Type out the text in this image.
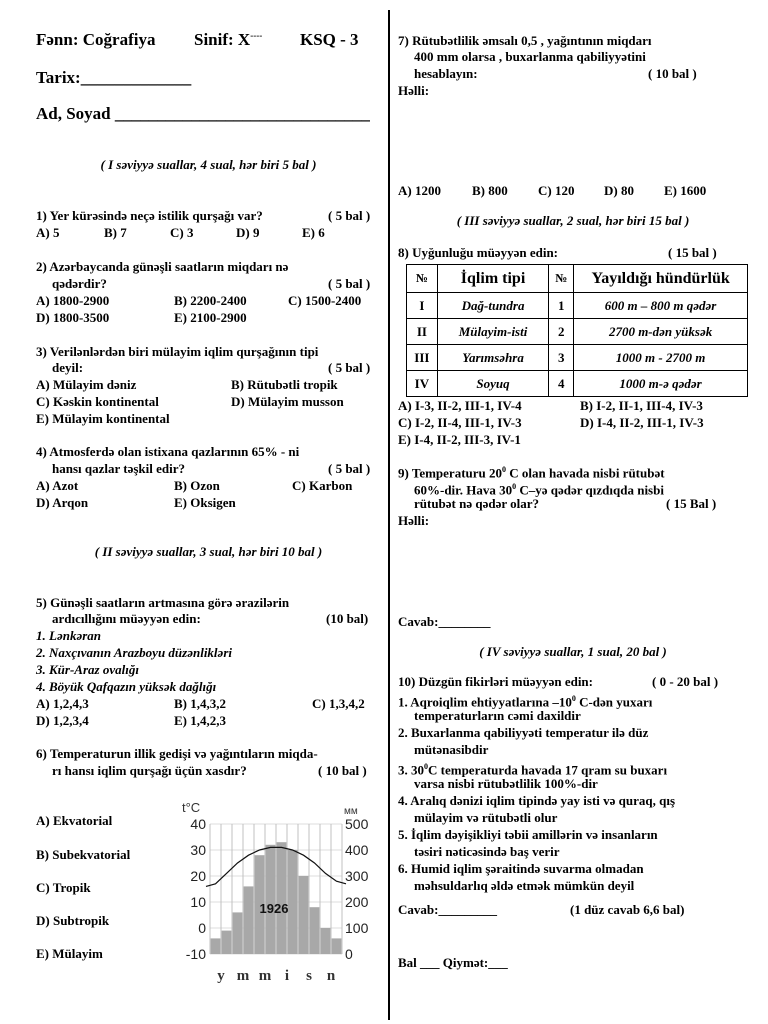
Fənn: Coğrafiya Sinif: X---- KSQ - 3
Tarix:_____________
Ad, Soyad ______________________________
( I səviyyə suallar, 4 sual, hər biri 5 bal )
1) Yer kürəsində neçə istilik qurşağı var?	( 5 bal )
A) 5	B) 7	C) 3	D) 9	E) 6
2) Azərbaycanda günəşli saatların miqdarı nə
qədərdir?	( 5 bal )
A) 1800-2900	B) 2200-2400	C) 1500-2400
D) 1800-3500	E) 2100-2900
3) Verilənlərdən biri mülayim iqlim qurşağının tipi
deyil:	( 5 bal )
A) Mülayim dəniz	B) Rütubətli tropik
C) Kəskin kontinental	D) Mülayim musson
E) Mülayim kontinental
4) Atmosferdə olan istixana qazlarının 65% - ni
hansı qazlar təşkil edir?	( 5 bal )
A) Azot	B) Ozon	C) Karbon
D) Arqon	E) Oksigen
( II səviyyə suallar, 3 sual, hər biri 10 bal )
5) Günəşli saatların artmasına görə ərazilərin
ardıcıllığını müəyyən edin:	(10 bal)
1. Lənkəran
2. Naxçıvanın Arazboyu düzənlikləri
3. Kür-Araz ovalığı
4. Böyük Qafqazın yüksək dağlığı
A) 1,2,4,3	B) 1,4,3,2	C) 1,3,4,2
D) 1,2,3,4	E) 1,4,2,3
6) Temperaturun illik gedişi və yağıntıların miqda-
rı hansı iqlim qurşağı üçün xasdır?	( 10 bal )
A) Ekvatorial
B) Subekvatorial
C) Tropik
D) Subtropik
E) Mülayim
t°C	мм
40
30
20
10
0
-10
500
400
300
200
100
0
1926
y m m i s n
7) Rütubətlilik əmsalı 0,5 , yağıntının miqdarı
400 mm olarsa , buxarlanma qabiliyyətini
hesablayın:	( 10 bal )
Həlli:
A) 1200 B) 800 C) 120 D) 80 E) 1600
( III səviyyə suallar, 2 sual, hər biri 15 bal )
8) Uyğunluğu müəyyən edin:	( 15 bal )
№	İqlim tipi	№	Yayıldığı hündürlük
I	Dağ-tundra	1	600 m – 800 m qədər
II	Mülayim-isti	2	2700 m-dən yüksək
III	Yarımsəhra	3	1000 m - 2700 m
IV	Soyuq	4	1000 m-ə qədər
A) I-3, II-2, III-1, IV-4	B) I-2, II-1, III-4, IV-3
C) I-2, II-4, III-1, IV-3	D) I-4, II-2, III-1, IV-3
E) I-4, II-2, III-3, IV-1
9) Temperaturu $20^0$ C olan havada nisbi rütubət
60%-dir. Hava $30^0$ C–yə qədər qızdıqda nisbi
rütubət nə qədər olar?	( 15 Bal )
Həlli:
Cavab:________
( IV səviyyə suallar, 1 sual, 20 bal )
10) Düzgün fikirləri müəyyən edin:	( 0 - 20 bal )
1. Aqroiqlim ehtiyyatlarına $-10^0$ C-dən yuxarı
temperaturların cəmi daxildir
2. Buxarlanma qabiliyyəti temperatur ilə düz
mütənasibdir
3. $30^0C$ temperaturda havada 17 qram su buxarı
varsa nisbi rütubətlilik 100%-dir
4. Aralıq dənizi iqlim tipində yay isti və quraq, qış
mülayim və rütubətli olur
5. İqlim dəyişikliyi təbii amillərin və insanların
təsiri nəticəsində baş verir
6. Humid iqlim şəraitində suvarma olmadan
məhsuldarlıq əldə etmək mümkün deyil
Cavab:_________	(1 düz cavab 6,6 bal)
Bal ___ Qiymət:___
